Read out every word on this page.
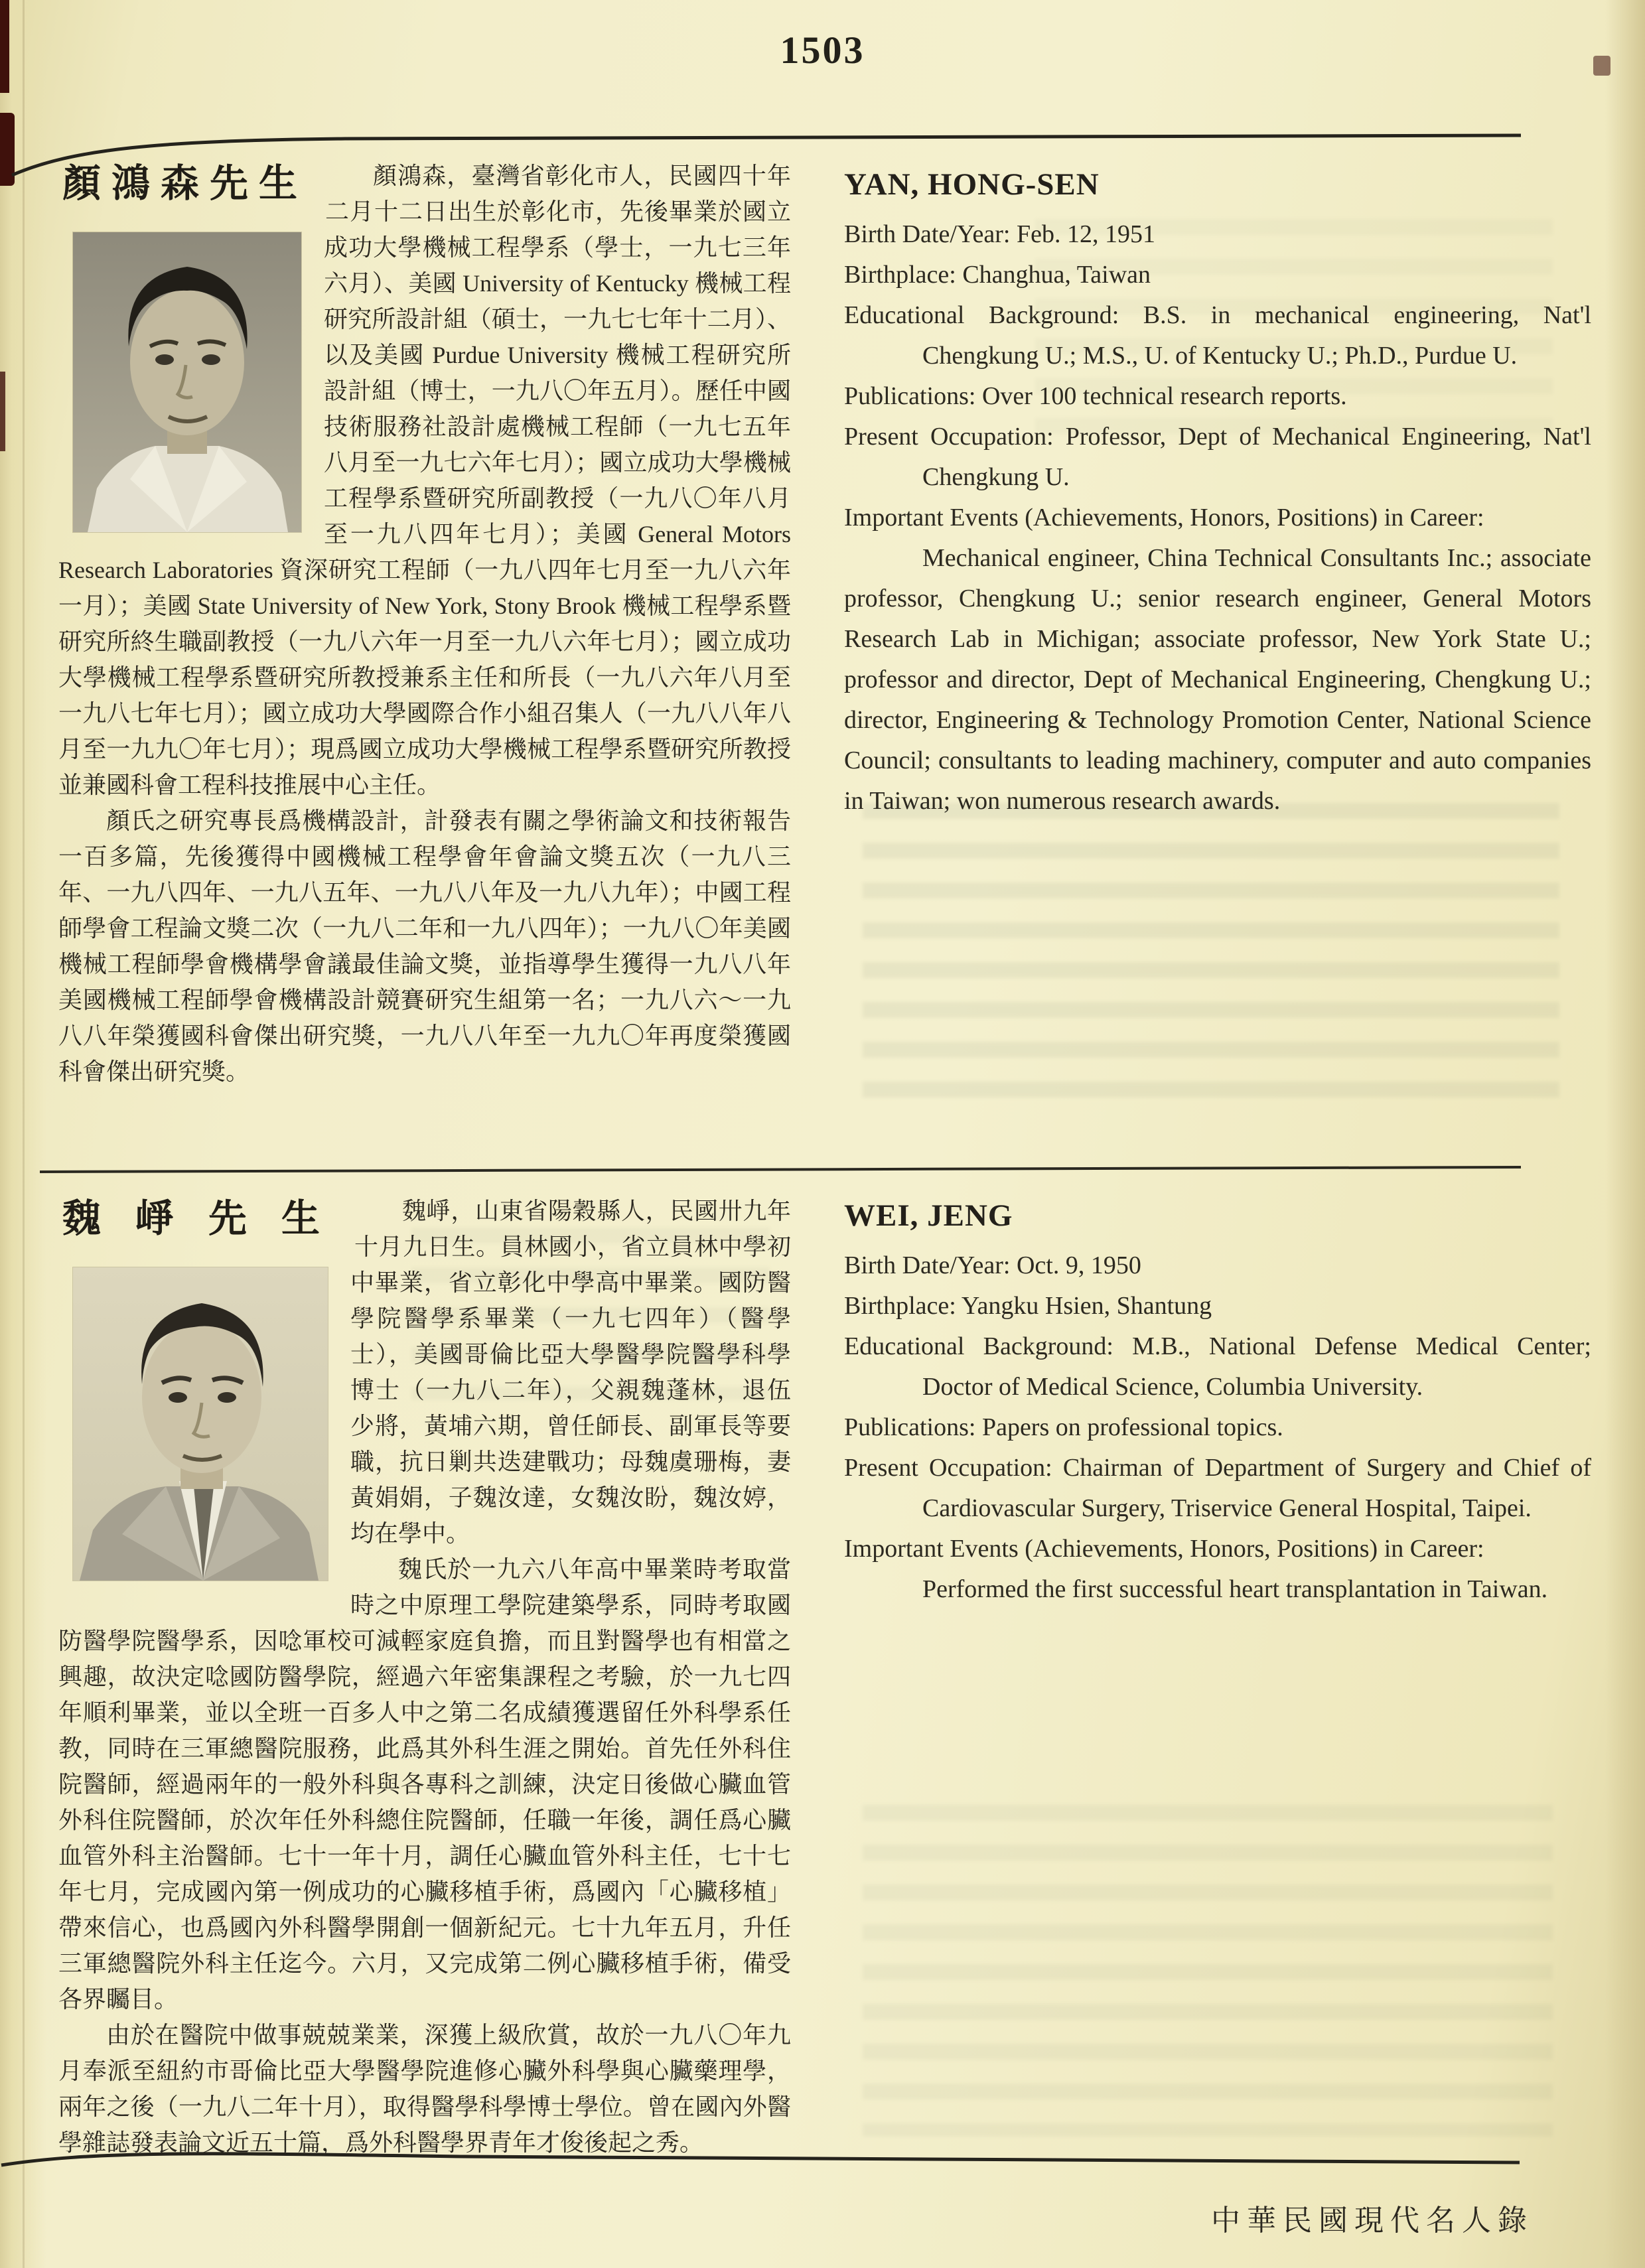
1503
顏鴻森先生	顏鴻森，臺灣省彰化市人，民國四十年二月十二日出生於彰化市，先後畢業於國立成功大學機械工程學系（學士，一九七三年六月）、美國 University of Kentucky 機械工程研究所設計組（碩士，一九七七年十二月）、以及美國 Purdue University 機械工程研究所設計組（博士，一九八〇年五月）。歷任中國技術服務社設計處機械工程師（一九七五年八月至一九七六年七月）；國立成功大學機械工程學系暨研究所副教授（一九八〇年八月至一九八四年七月）；美國 General Motors Research Laboratories 資深研究工程師（一九八四年七月至一九八六年一月）；美國 State University of New York, Stony Brook 機械工程學系暨研究所終生職副教授（一九八六年一月至一九八六年七月）；國立成功大學機械工程學系暨研究所教授兼系主任和所長（一九八六年八月至一九八七年七月）；國立成功大學國際合作小組召集人（一九八八年八月至一九九〇年七月）；現爲國立成功大學機械工程學系暨研究所教授並兼國科會工程科技推展中心主任。

顏氏之研究專長爲機構設計，計發表有關之學術論文和技術報告一百多篇，先後獲得中國機械工程學會年會論文獎五次（一九八三年、一九八四年、一九八五年、一九八八年及一九八九年）；中國工程師學會工程論文獎二次（一九八二年和一九八四年）；一九八〇年美國機械工程師學會機構學會議最佳論文獎，並指導學生獲得一九八八年美國機械工程師學會機構設計競賽研究生組第一名；一九八六～一九八八年榮獲國科會傑出研究獎，一九八八年至一九九〇年再度榮獲國科會傑出研究獎。

YAN, HONG-SEN

Birth Date/Year: Feb. 12, 1951

Birthplace: Changhua, Taiwan

Educational Background: B.S. in mechanical engineering, Nat'l Chengkung U.; M.S., U. of Kentucky U.; Ph.D., Purdue U.

Publications: Over 100 technical research reports.

Present Occupation: Professor, Dept of Mechanical Engineering, Nat'l Chengkung U.

Important Events (Achievements, Honors, Positions) in Career:

Mechanical engineer, China Technical Consultants Inc.; associate professor, Chengkung U.; senior research engineer, General Motors Research Lab in Michigan; associate professor, New York State U.; professor and director, Dept of Mechanical Engineering, Chengkung U.; director, Engineering & Technology Promotion Center, National Science Council; consultants to leading machinery, computer and auto companies in Taiwan; won numerous research awards.

魏崢先生	魏崢，山東省陽穀縣人，民國卅九年十月九日生。員林國小，省立員林中學初中畢業，省立彰化中學高中畢業。國防醫學院醫學系畢業（一九七四年）（醫學士），美國哥倫比亞大學醫學院醫學科學博士（一九八二年），父親魏蓬林，退伍少將，黃埔六期，曾任師長、副軍長等要職，抗日剿共迭建戰功；母魏虞珊梅，妻黃娟娟，子魏汝達，女魏汝盼，魏汝婷，均在學中。

魏氏於一九六八年高中畢業時考取當時之中原理工學院建築學系，同時考取國防醫學院醫學系，因唸軍校可減輕家庭負擔，而且對醫學也有相當之興趣，故決定唸國防醫學院，經過六年密集課程之考驗，於一九七四年順利畢業，並以全班一百多人中之第二名成績獲選留任外科學系任教，同時在三軍總醫院服務，此爲其外科生涯之開始。首先任外科住院醫師，經過兩年的一般外科與各專科之訓練，決定日後做心臟血管外科住院醫師，於次年任外科總住院醫師，任職一年後，調任爲心臟血管外科主治醫師。七十一年十月，調任心臟血管外科主任，七十七年七月，完成國內第一例成功的心臟移植手術，爲國內「心臟移植」帶來信心，也爲國內外科醫學開創一個新紀元。七十九年五月，升任三軍總醫院外科主任迄今。六月，又完成第二例心臟移植手術，備受各界矚目。

由於在醫院中做事兢兢業業，深獲上級欣賞，故於一九八〇年九月奉派至紐約市哥倫比亞大學醫學院進修心臟外科學與心臟藥理學，兩年之後（一九八二年十月），取得醫學科學博士學位。曾在國內外醫學雜誌發表論文近五十篇，爲外科醫學界青年才俊後起之秀。

WEI, JENG

Birth Date/Year: Oct. 9, 1950

Birthplace: Yangku Hsien, Shantung

Educational Background: M.B., National Defense Medical Center; Doctor of Medical Science, Columbia University.

Publications: Papers on professional topics.

Present Occupation: Chairman of Department of Surgery and Chief of Cardiovascular Surgery, Triservice General Hospital, Taipei.

Important Events (Achievements, Honors, Positions) in Career:

Performed the first successful heart transplantation in Taiwan.

中華民國現代名人錄
